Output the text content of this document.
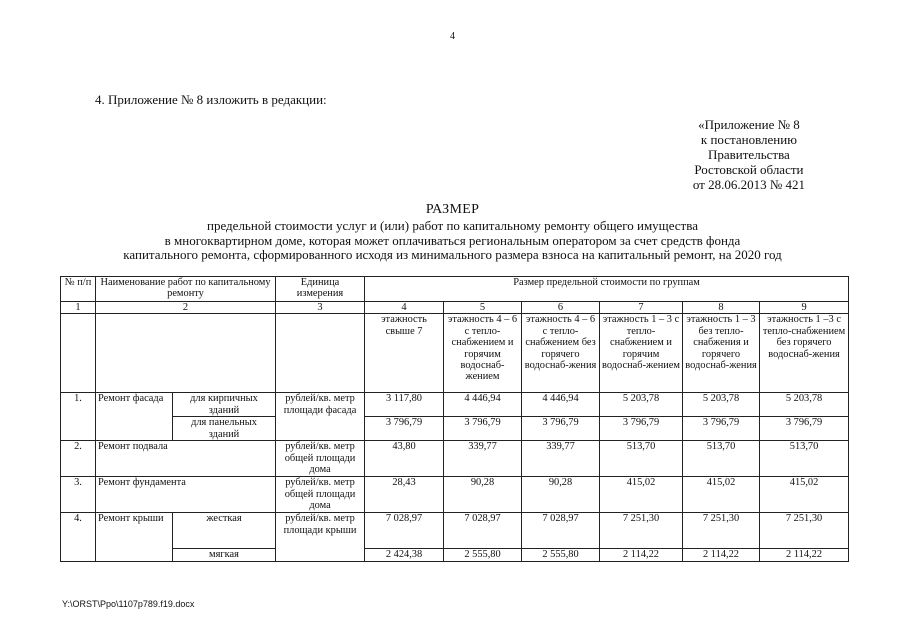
4
4. Приложение № 8 изложить в редакции:
«Приложение № 8
к постановлению
Правительства
Ростовской области
от 28.06.2013 № 421
РАЗМЕР
предельной стоимости услуг и (или) работ по капитальному ремонту общего имущества
в многоквартирном доме, которая может оплачиваться региональным оператором за счет средств фонда
капитального ремонта, сформированного исходя из минимального размера взноса на капитальный ремонт, на 2020 год
№ п/п	Наименование работ по капитальному ремонту		Единица измерения	Размер предельной стоимости по группам					
1	2		3	4	5	6	7	8	9
				этажность свыше 7	этажность 4 – 6 с тепло-снабжением и горячим водоснаб-жением	этажность 4 – 6 с тепло-снабжением без горячего водоснаб-жения	этажность 1 – 3 с тепло-снабжением и горячим водоснаб-жением	этажность 1 – 3 без тепло-снабжения и горячего водоснаб-жения	этажность 1 –3 с тепло-снабжением без горячего водоснаб-жения
1.	Ремонт фасада	для кирпичных зданий	рублей/кв. метр площади фасада	3 117,80	4 446,94	4 446,94	5 203,78	5 203,78	5 203,78
		для панельных зданий		3 796,79	3 796,79	3 796,79	3 796,79	3 796,79	3 796,79
2.	Ремонт подвала		рублей/кв. метр общей площади дома	43,80	339,77	339,77	513,70	513,70	513,70
3.	Ремонт фундамента		рублей/кв. метр общей площади дома	28,43	90,28	90,28	415,02	415,02	415,02
4.	Ремонт крыши	жесткая	рублей/кв. метр площади крыши	7 028,97	7 028,97	7 028,97	7 251,30	7 251,30	7 251,30
		мягкая		2 424,38	2 555,80	2 555,80	2 114,22	2 114,22	2 114,22
Y:\ORST\Ppo\1107p789.f19.docx
